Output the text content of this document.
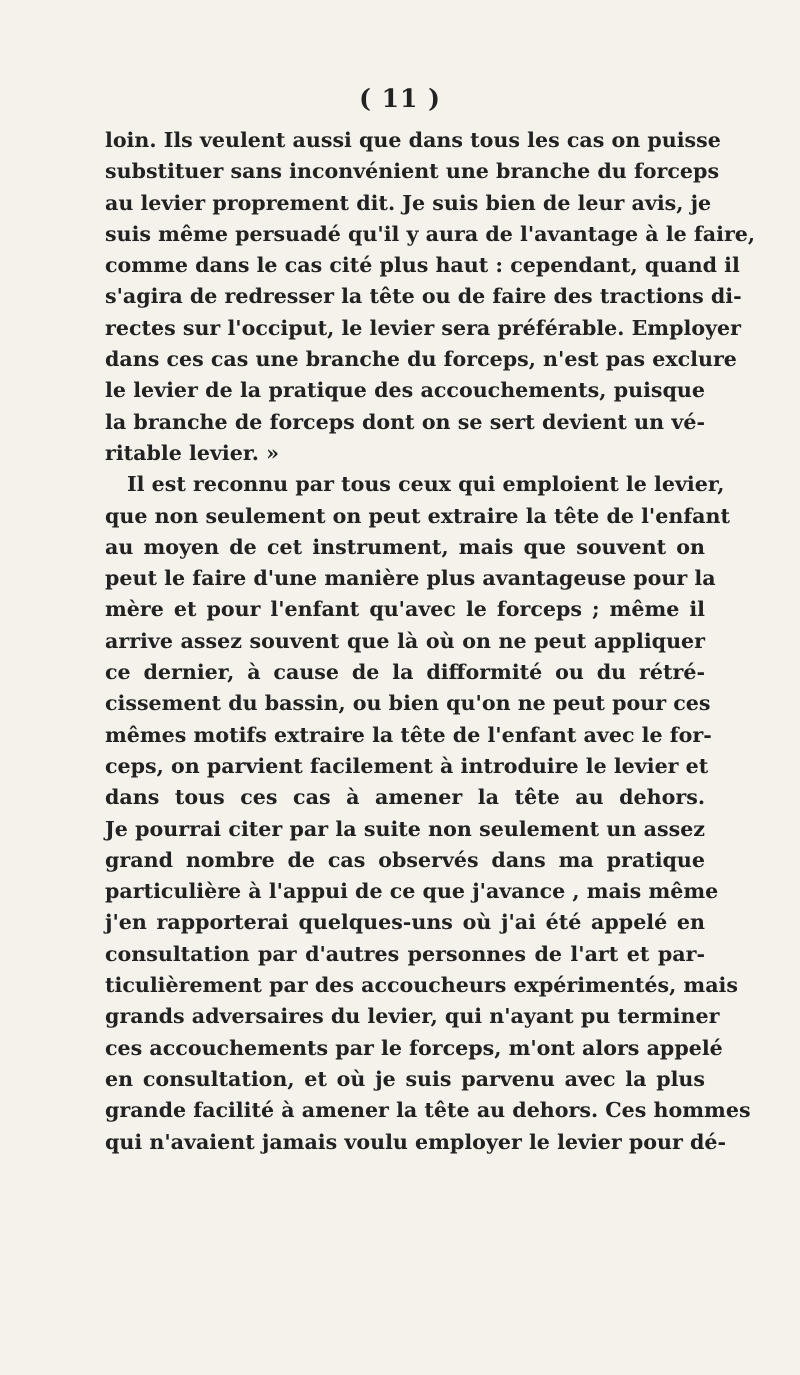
( 11 )
loin. Ils veulent aussi que dans tous les cas on puisse
substituer sans inconvénient une branche du forceps
au levier proprement dit. Je suis bien de leur avis, je
suis même persuadé qu'il y aura de l'avantage à le faire,
comme dans le cas cité plus haut : cependant, quand il
s'agira de redresser la tête ou de faire des tractions di-
rectes sur l'occiput, le levier sera préférable. Employer
dans ces cas une branche du forceps, n'est pas exclure
le levier de la pratique des accouchements, puisque
la branche de forceps dont on se sert devient un vé-
ritable levier. »
Il est reconnu par tous ceux qui emploient le levier,
que non seulement on peut extraire la tête de l'enfant
au moyen de cet instrument, mais que souvent on
peut le faire d'une manière plus avantageuse pour la
mère et pour l'enfant qu'avec le forceps ; même il
arrive assez souvent que là où on ne peut appliquer
ce dernier, à cause de la difformité ou du rétré-
cissement du bassin, ou bien qu'on ne peut pour ces
mêmes motifs extraire la tête de l'enfant avec le for-
ceps, on parvient facilement à introduire le levier et
dans tous ces cas à amener la tête au dehors.
Je pourrai citer par la suite non seulement un assez
grand nombre de cas observés dans ma pratique
particulière à l'appui de ce que j'avance , mais même
j'en rapporterai quelques-uns où j'ai été appelé en
consultation par d'autres personnes de l'art et par-
ticulièrement par des accoucheurs expérimentés, mais
grands adversaires du levier, qui n'ayant pu terminer
ces accouchements par le forceps, m'ont alors appelé
en consultation, et où je suis parvenu avec la plus
grande facilité à amener la tête au dehors. Ces hommes
qui n'avaient jamais voulu employer le levier pour dé-
